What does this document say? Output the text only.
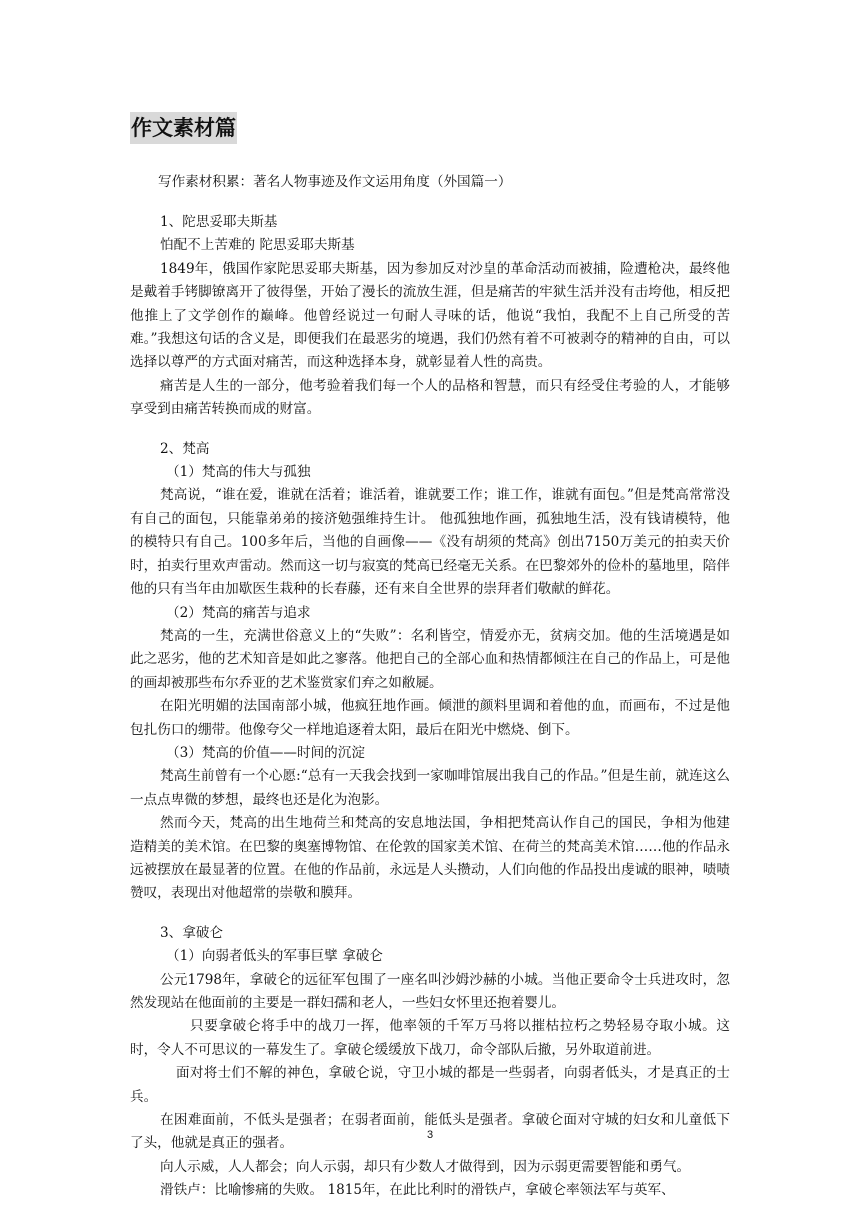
作文素材篇
写作素材积累：著名人物事迹及作文运用角度（外国篇一）
1、陀思妥耶夫斯基
怕配不上苦难的 陀思妥耶夫斯基

1849年，俄国作家陀思妥耶夫斯基，因为参加反对沙皇的革命活动而被捕，险遭枪决，最终他是戴着手铐脚镣离开了彼得堡，开始了漫长的流放生涯，但是痛苦的牢狱生活并没有击垮他，相反把他推上了文学创作的巅峰。他曾经说过一句耐人寻味的话，他说“我怕，我配不上自己所受的苦难。”我想这句话的含义是，即便我们在最恶劣的境遇，我们仍然有着不可被剥夺的精神的自由，可以选择以尊严的方式面对痛苦，而这种选择本身，就彰显着人性的高贵。

痛苦是人生的一部分，他考验着我们每一个人的品格和智慧，而只有经受住考验的人，才能够享受到由痛苦转换而成的财富。

2、梵高
（1）梵高的伟大与孤独

梵高说，“谁在爱，谁就在活着；谁活着，谁就要工作；谁工作，谁就有面包。”但是梵高常常没有自己的面包，只能靠弟弟的接济勉强维持生计。 他孤独地作画，孤独地生活，没有钱请模特，他的模特只有自己。100多年后，当他的自画像——《没有胡须的梵高》创出7150万美元的拍卖天价时，拍卖行里欢声雷动。然而这一切与寂寞的梵高已经毫无关系。在巴黎郊外的俭朴的墓地里，陪伴他的只有当年由加歇医生栽种的长春藤，还有来自全世界的崇拜者们敬献的鲜花。

（2）梵高的痛苦与追求

梵高的一生，充满世俗意义上的“失败”：名利皆空，情爱亦无，贫病交加。他的生活境遇是如此之恶劣，他的艺术知音是如此之寥落。他把自己的全部心血和热情都倾注在自己的作品上，可是他的画却被那些布尔乔亚的艺术鉴赏家们弃之如敝屣。

在阳光明媚的法国南部小城，他疯狂地作画。倾泄的颜料里调和着他的血，而画布，不过是他包扎伤口的绷带。他像夸父一样地追逐着太阳，最后在阳光中燃烧、倒下。

（3）梵高的价值——时间的沉淀

梵高生前曾有一个心愿:“总有一天我会找到一家咖啡馆展出我自己的作品。”但是生前，就连这么一点点卑微的梦想，最终也还是化为泡影。

然而今天，梵高的出生地荷兰和梵高的安息地法国，争相把梵高认作自己的国民，争相为他建造精美的美术馆。在巴黎的奥塞博物馆、在伦敦的国家美术馆、在荷兰的梵高美术馆……他的作品永远被摆放在最显著的位置。在他的作品前，永远是人头攒动，人们向他的作品投出虔诚的眼神，啧啧赞叹，表现出对他超常的崇敬和膜拜。

3、拿破仑
（1）向弱者低头的军事巨擘 拿破仑

公元1798年，拿破仑的远征军包围了一座名叫沙姆沙赫的小城。当他正要命令士兵进攻时，忽然发现站在他面前的主要是一群妇孺和老人，一些妇女怀里还抱着婴儿。

只要拿破仑将手中的战刀一挥，他率领的千军万马将以摧枯拉朽之势轻易夺取小城。这时，令人不可思议的一幕发生了。拿破仑缓缓放下战刀，命令部队后撤，另外取道前进。

面对将士们不解的神色，拿破仑说，守卫小城的都是一些弱者，向弱者低头，才是真正的士兵。

在困难面前，不低头是强者；在弱者面前，能低头是强者。拿破仑面对守城的妇女和儿童低下了头，他就是真正的强者。

向人示威，人人都会；向人示弱，却只有少数人才做得到，因为示弱更需要智能和勇气。

滑铁卢：比喻惨痛的失败。 1815年，在此比利时的滑铁卢，拿破仑率领法军与英军、

3
